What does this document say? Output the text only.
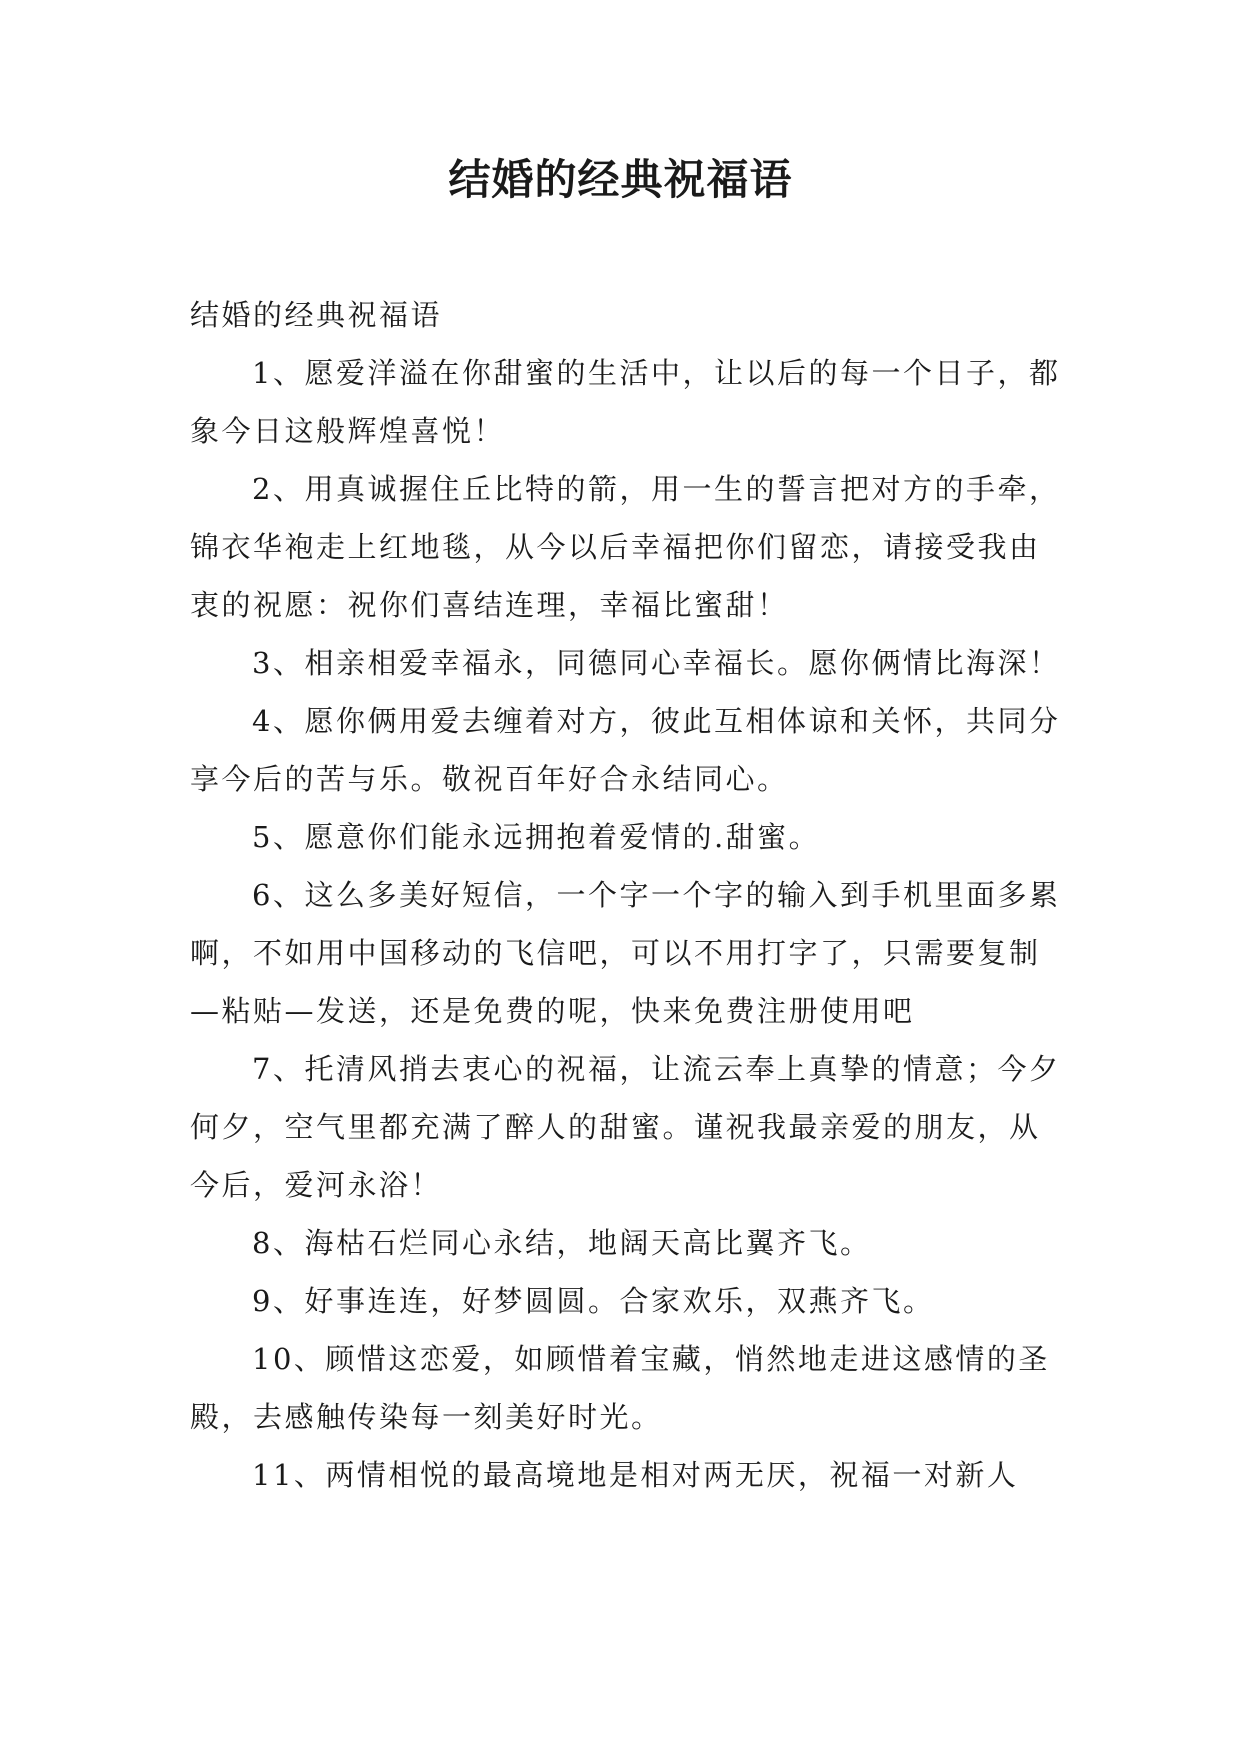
结婚的经典祝福语

结婚的经典祝福语

1、愿爱洋溢在你甜蜜的生活中，让以后的每一个日子，都象今日这般辉煌喜悦！

2、用真诚握住丘比特的箭，用一生的誓言把对方的手牵，锦衣华袍走上红地毯，从今以后幸福把你们留恋，请接受我由衷的祝愿：祝你们喜结连理，幸福比蜜甜！

3、相亲相爱幸福永，同德同心幸福长。愿你俩情比海深！

4、愿你俩用爱去缠着对方，彼此互相体谅和关怀，共同分享今后的苦与乐。敬祝百年好合永结同心。

5、愿意你们能永远拥抱着爱情的.甜蜜。

6、这么多美好短信，一个字一个字的输入到手机里面多累啊，不如用中国移动的飞信吧，可以不用打字了，只需要复制—粘贴—发送，还是免费的呢，快来免费注册使用吧

7、托清风捎去衷心的祝福，让流云奉上真挚的情意；今夕何夕，空气里都充满了醉人的甜蜜。谨祝我最亲爱的朋友，从今后，爱河永浴！

8、海枯石烂同心永结，地阔天高比翼齐飞。

9、好事连连，好梦圆圆。合家欢乐，双燕齐飞。

10、顾惜这恋爱，如顾惜着宝藏，悄然地走进这感情的圣殿，去感触传染每一刻美好时光。

11、两情相悦的最高境地是相对两无厌，祝福一对新人
